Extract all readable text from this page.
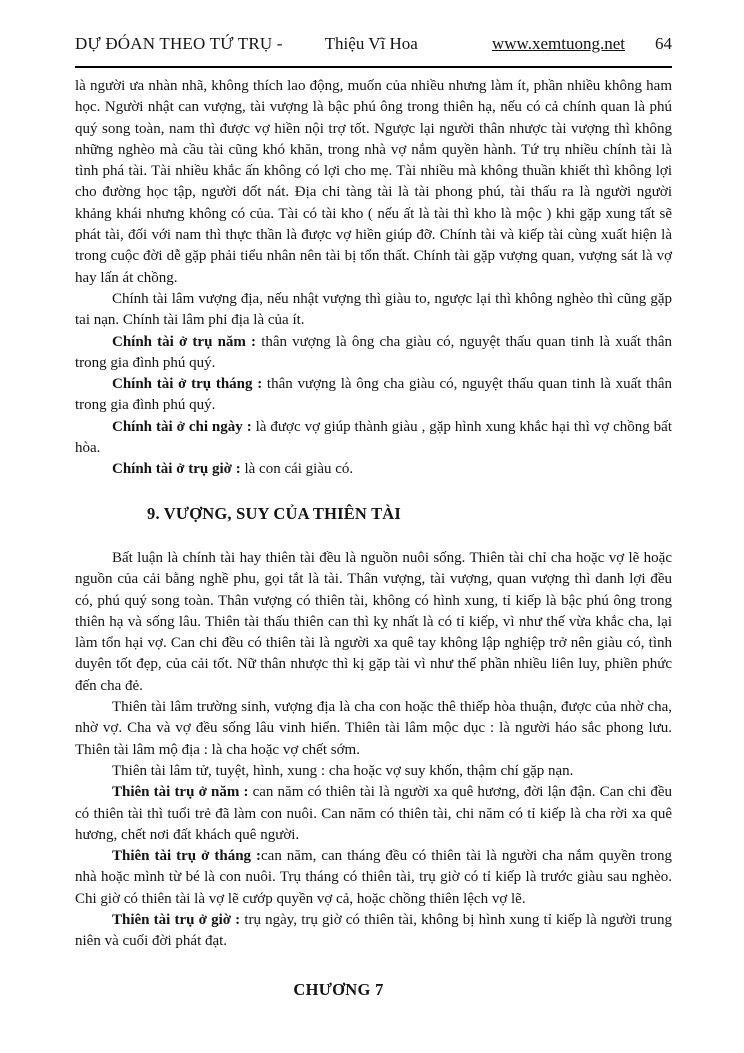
DỰ ĐÓAN THEO TỨ TRỤ - Thiệu Vĩ Hoa	www.xemtuong.net 64

là người ưa nhàn nhã, không thích lao động, muốn của nhiều nhưng làm ít, phần nhiều không ham học. Người nhật can vượng, tài vượng là bậc phú ông trong thiên hạ, nếu có cả chính quan là phú quý song toàn, nam thì được vợ hiền nội trợ tốt. Ngược lại người thân nhược tài vượng thì không những nghèo mà cầu tài cũng khó khăn, trong nhà vợ nắm quyền hành. Tứ trụ nhiều chính tài là tình phá tài. Tài nhiều khắc ấn không có lợi cho mẹ. Tài nhiều mà không thuần khiết thì không lợi cho đường học tập, người dốt nát. Địa chi tàng tài là tài phong phú, tài thấu ra là người người khảng khái nhưng không có của. Tài có tài kho ( nếu ất là tài thì kho là mộc ) khi gặp xung tất sẽ phát tài, đối với nam thì thực thần là được vợ hiền giúp đỡ. Chính tài và kiếp tài cùng xuất hiện là trong cuộc đời dễ gặp phải tiểu nhân nên tài bị tổn thất. Chính tài gặp vượng quan, vượng sát là vợ hay lấn át chồng.

Chính tài lâm vượng địa, nếu nhật vượng thì giàu to, ngược lại thì không nghèo thì cũng gặp tai nạn. Chính tài lâm phi địa là của ít.

Chính tài ở trụ năm : thân vượng là ông cha giàu có, nguyệt thấu quan tinh là xuất thân trong gia đình phú quý.

Chính tài ở trụ tháng : thân vượng là ông cha giàu có, nguyệt thấu quan tinh là xuất thân trong gia đình phú quý.

Chính tài ở chi ngày : là được vợ giúp thành giàu , gặp hình xung khắc hại thì vợ chồng bất hòa.

Chính tài ở trụ giờ : là con cái giàu có.

9. VƯỢNG, SUY CỦA THIÊN TÀI

Bất luận là chính tài hay thiên tài đều là nguồn nuôi sống. Thiên tài chỉ cha hoặc vợ lẽ hoặc nguồn của cải bằng nghề phu, gọi tắt là tài. Thân vượng, tài vượng, quan vượng thì danh lợi đều có, phú quý song toàn. Thân vượng có thiên tài, không có hình xung, tỉ kiếp là bậc phú ông trong thiên hạ và sống lâu. Thiên tài thấu thiên can thì kỵ nhất là có tỉ kiếp, vì như thế vừa khắc cha, lại làm tổn hại vợ. Can chi đều có thiên tài là người xa quê tay không lập nghiệp trở nên giàu có, tình duyên tốt đẹp, của cải tốt. Nữ thân nhược thì kị gặp tài vì như thế phần nhiều liên luy, phiền phức đến cha đẻ.

Thiên tài lâm trường sinh, vượng địa là cha con hoặc thê thiếp hòa thuận, được của nhờ cha, nhờ vợ. Cha và vợ đều sống lâu vinh hiển. Thiên tài lâm mộc dục : là người háo sắc phong lưu. Thiên tài lâm mộ địa : là cha hoặc vợ chết sớm.

Thiên tài lâm tử, tuyệt, hình, xung : cha hoặc vợ suy khốn, thậm chí gặp nạn.

Thiên tài trụ ở năm : can năm có thiên tài là người xa quê hương, đời lận đận. Can chi đều có thiên tài thì tuổi trẻ đã làm con nuôi. Can năm có thiên tài, chi năm có tỉ kiếp là cha rời xa quê hương, chết nơi đất khách quê người.

Thiên tài trụ ở tháng :can năm, can tháng đều có thiên tài là người cha nắm quyền trong nhà hoặc mình từ bé là con nuôi. Trụ tháng có thiên tài, trụ giờ có tỉ kiếp là trước giàu sau nghèo. Chi giờ có thiên tài là vợ lẽ cướp quyền vợ cả, hoặc chồng thiên lệch vợ lẽ.

Thiên tài trụ ở giờ : trụ ngày, trụ giờ có thiên tài, không bị hình xung tỉ kiếp là người trung niên và cuối đời phát đạt.

CHƯƠNG 7
